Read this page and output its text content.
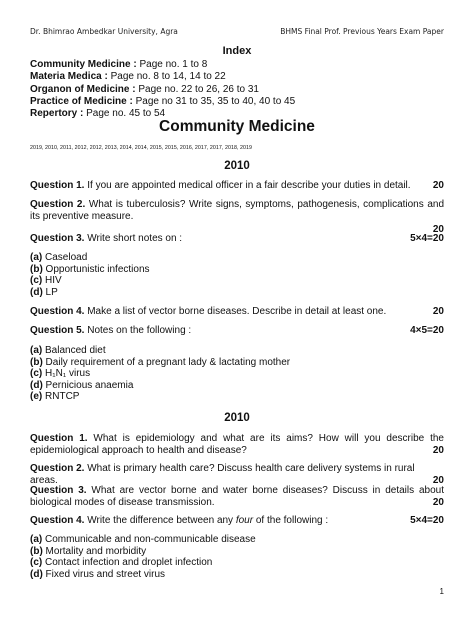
Dr. Bhimrao Ambedkar University, Agra	BHMS Final Prof. Previous Years Exam Paper
Index
Community Medicine : Page no. 1 to 8
Materia Medica : Page no. 8 to 14, 14 to 22
Organon of Medicine : Page no. 22 to 26, 26 to 31
Practice of Medicine : Page no 31 to 35, 35 to 40, 40 to 45
Repertory : Page no. 45 to 54
Community Medicine
2019, 2010, 2011, 2012, 2012, 2013, 2014, 2014, 2015, 2015, 2016, 2017, 2017, 2018, 2019
2010
Question 1. If you are appointed medical officer in a fair describe your duties in detail. 20
Question 2. What is tuberculosis? Write signs, symptoms, pathogenesis, complications and its preventive measure.
20
Question 3. Write short notes on :	5×4=20
(a) Caseload
(b) Opportunistic infections
(c) HIV
(d) LP
Question 4. Make a list of vector borne diseases. Describe in detail at least one.	20
Question 5. Notes on the following :	4×5=20
(a) Balanced diet
(b) Daily requirement of a pregnant lady & lactating mother
(c) H₁N₁ virus
(d) Pernicious anaemia
(e) RNTCP
2010
Question 1. What is epidemiology and what are its aims? How will you describe the epidemiological approach to health and disease?	20
Question 2. What is primary health care? Discuss health care delivery systems in rural areas.	20
Question 3. What are vector borne and water borne diseases? Discuss in details about biological modes of disease transmission.	20
Question 4. Write the difference between any four of the following :	5×4=20
(a) Communicable and non-communicable disease
(b) Mortality and morbidity
(c) Contact infection and droplet infection
(d) Fixed virus and street virus
1
